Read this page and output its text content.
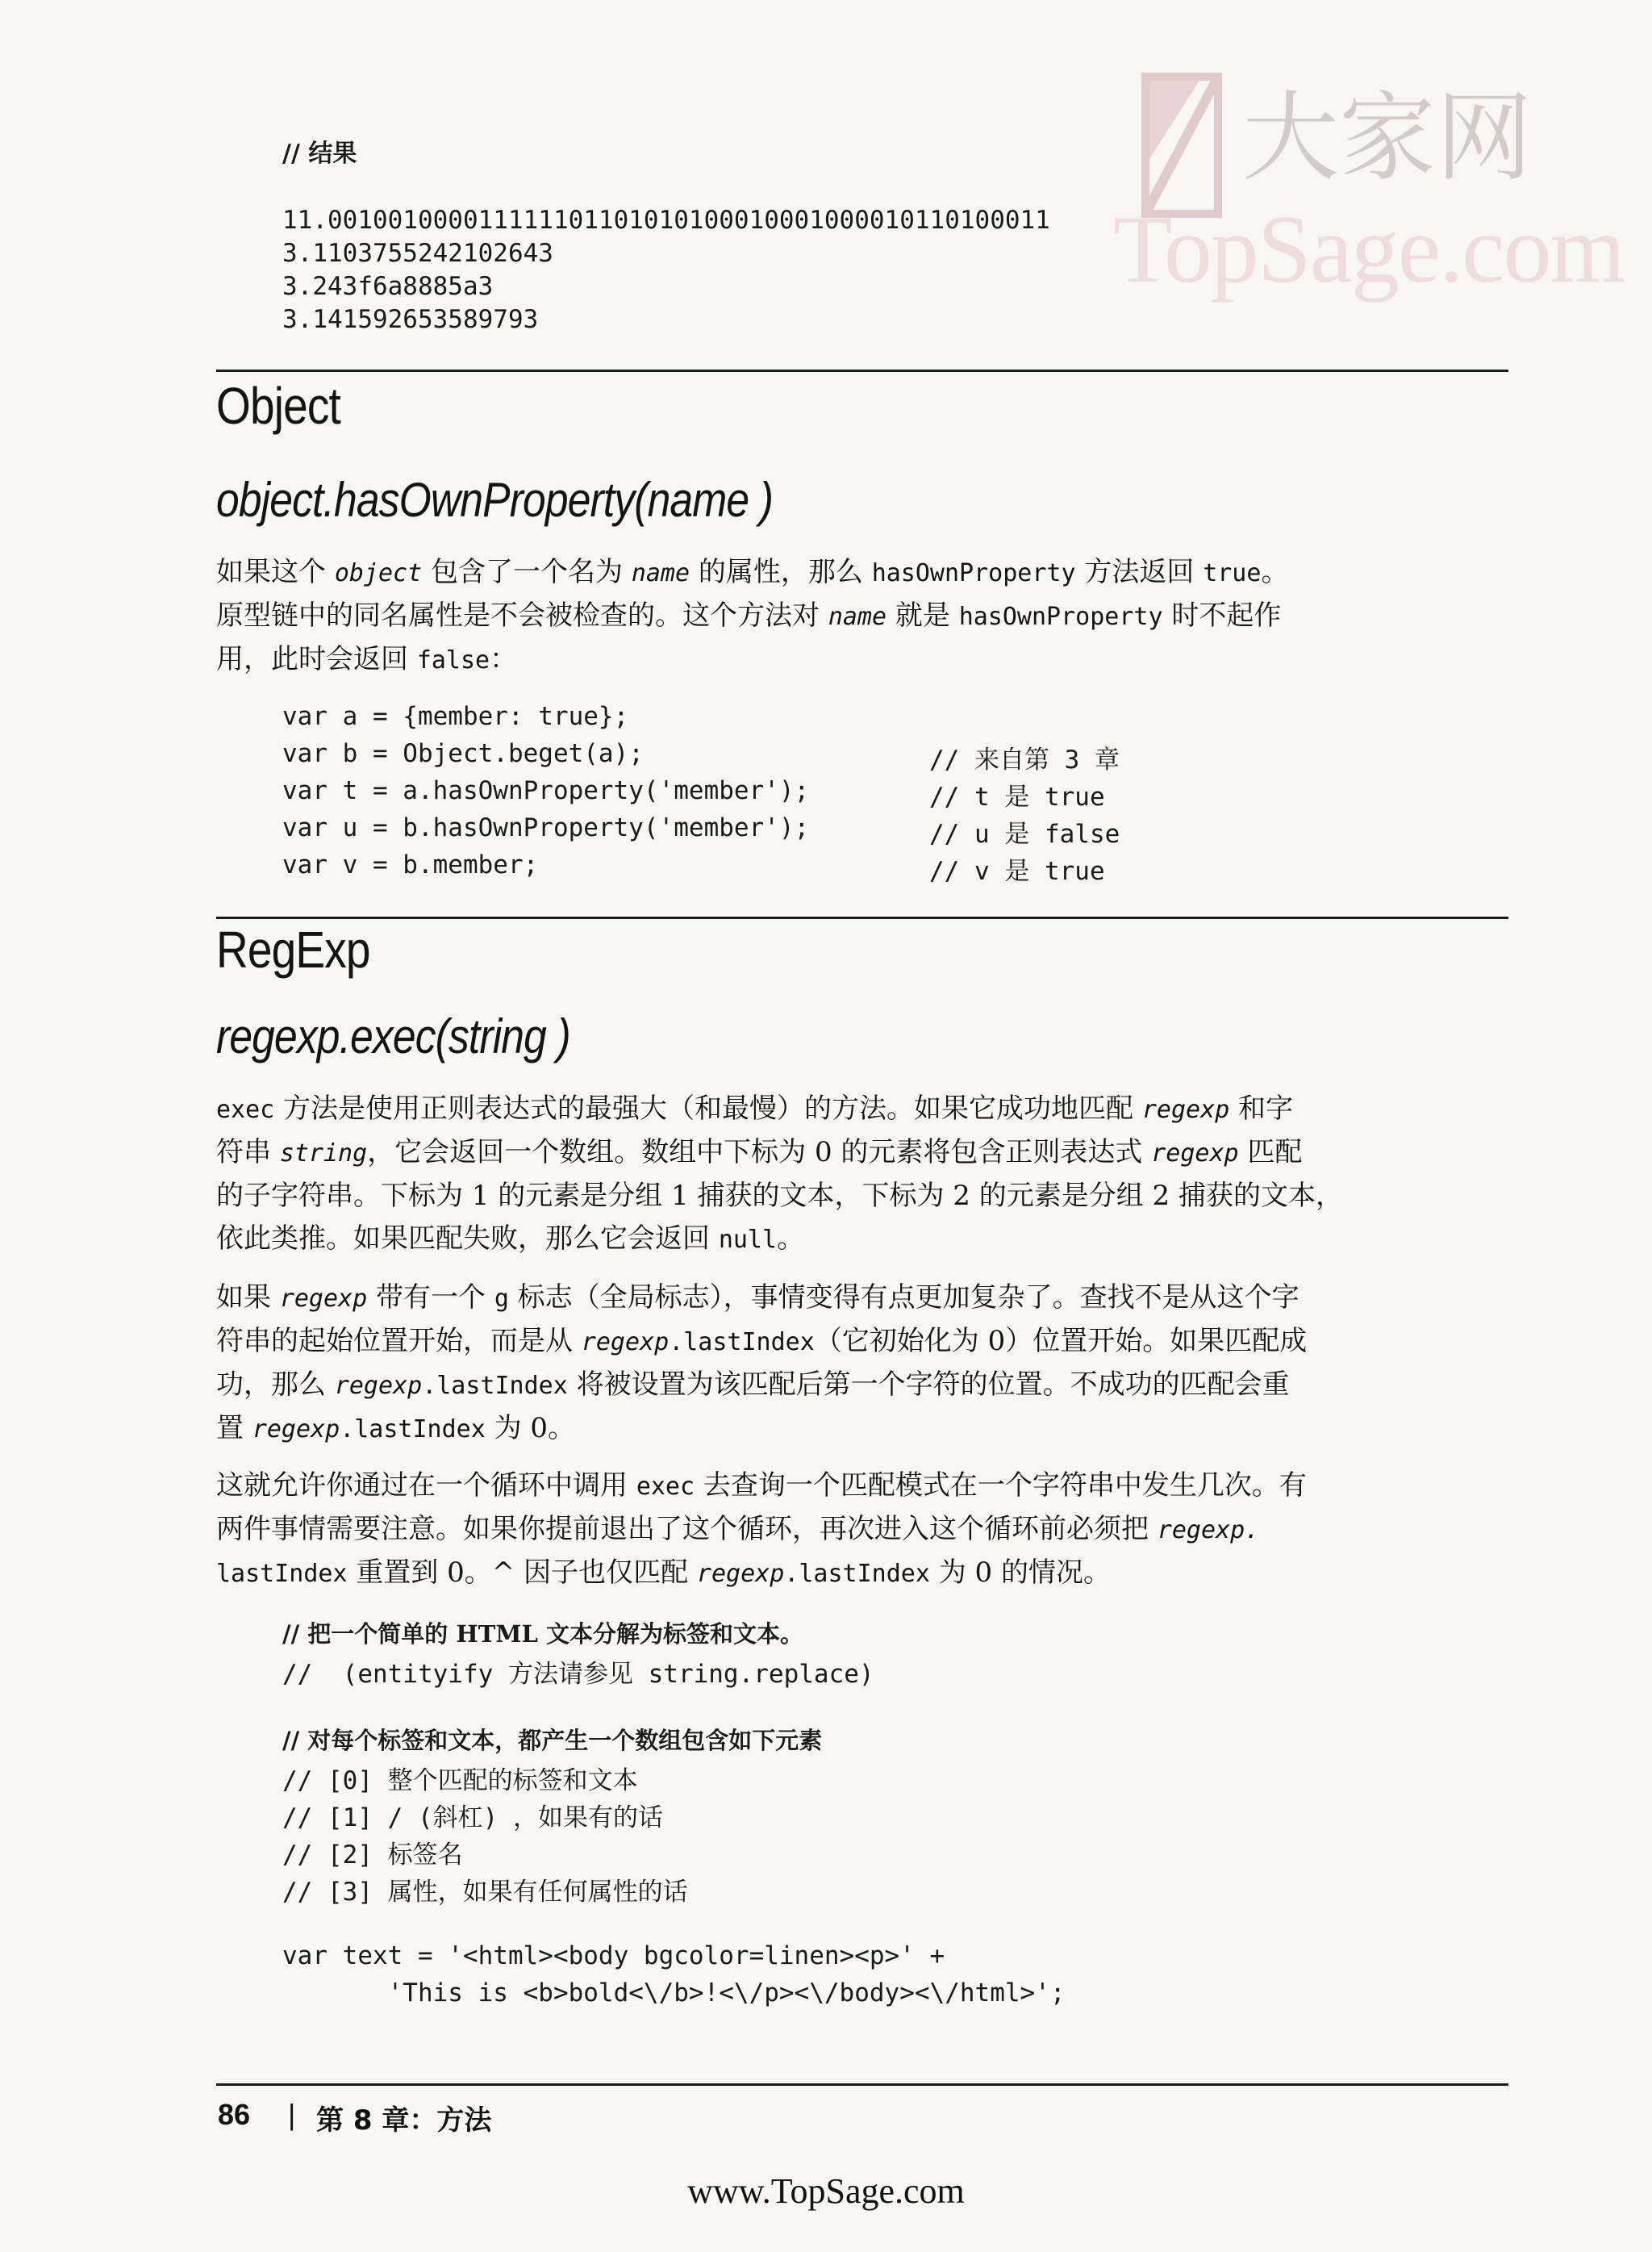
大家网
TopSage.com
// 结果
11.001001000011111101101010100010001000010110100011
3.1103755242102643
3.243f6a8885a3
3.141592653589793
Object
object.hasOwnProperty(name )
如果这个 object 包含了一个名为 name 的属性，那么 hasOwnProperty 方法返回 true。
原型链中的同名属性是不会被检查的。这个方法对 name 就是 hasOwnProperty 时不起作
用，此时会返回 false：
var a = {member: true};
var b = Object.beget(a);	// 来自第 3 章
var t = a.hasOwnProperty('member');	// t 是 true
var u = b.hasOwnProperty('member');	// u 是 false
var v = b.member;	// v 是 true
RegExp
regexp.exec(string )
exec 方法是使用正则表达式的最强大（和最慢）的方法。如果它成功地匹配 regexp 和字
符串 string，它会返回一个数组。数组中下标为 0 的元素将包含正则表达式 regexp 匹配
的子字符串。下标为 1 的元素是分组 1 捕获的文本，下标为 2 的元素是分组 2 捕获的文本，
依此类推。如果匹配失败，那么它会返回 null。
如果 regexp 带有一个 g 标志（全局标志），事情变得有点更加复杂了。查找不是从这个字
符串的起始位置开始，而是从 regexp.lastIndex（它初始化为 0）位置开始。如果匹配成
功，那么 regexp.lastIndex 将被设置为该匹配后第一个字符的位置。不成功的匹配会重
置 regexp.lastIndex 为 0。
这就允许你通过在一个循环中调用 exec 去查询一个匹配模式在一个字符串中发生几次。有
两件事情需要注意。如果你提前退出了这个循环，再次进入这个循环前必须把 regexp.
lastIndex 重置到 0。^ 因子也仅匹配 regexp.lastIndex 为 0 的情况。
// 把一个简单的 HTML 文本分解为标签和文本。
//  (entityify 方法请参见 string.replace)
// 对每个标签和文本，都产生一个数组包含如下元素
// [0] 整个匹配的标签和文本
// [1] / (斜杠) ，如果有的话
// [2] 标签名
// [3] 属性，如果有任何属性的话
var text = '<html><body bgcolor=linen><p>' +
'This is <b>bold<\/b>!<\/p><\/body><\/html>';
86 | 第 8 章：方法
www.TopSage.com
